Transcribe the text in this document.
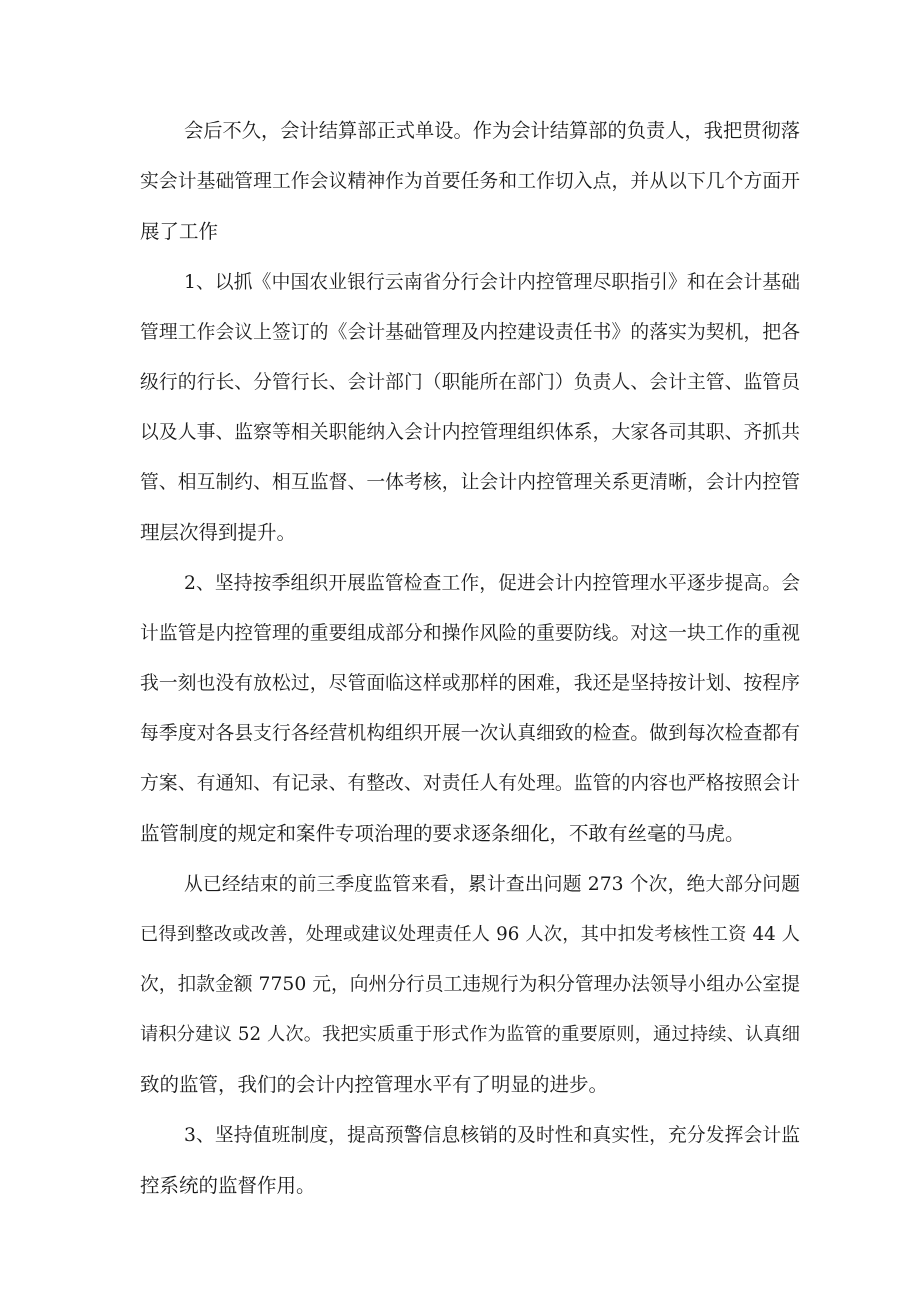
会后不久，会计结算部正式单设。作为会计结算部的负责人，我把贯彻落
实会计基础管理工作会议精神作为首要任务和工作切入点，并从以下几个方面开
展了工作
1、以抓《中国农业银行云南省分行会计内控管理尽职指引》和在会计基础
管理工作会议上签订的《会计基础管理及内控建设责任书》的落实为契机，把各
级行的行长、分管行长、会计部门（职能所在部门）负责人、会计主管、监管员
以及人事、监察等相关职能纳入会计内控管理组织体系，大家各司其职、齐抓共
管、相互制约、相互监督、一体考核，让会计内控管理关系更清晰，会计内控管
理层次得到提升。
2、坚持按季组织开展监管检查工作，促进会计内控管理水平逐步提高。会
计监管是内控管理的重要组成部分和操作风险的重要防线。对这一块工作的重视
我一刻也没有放松过，尽管面临这样或那样的困难，我还是坚持按计划、按程序
每季度对各县支行各经营机构组织开展一次认真细致的检查。做到每次检查都有
方案、有通知、有记录、有整改、对责任人有处理。监管的内容也严格按照会计
监管制度的规定和案件专项治理的要求逐条细化，不敢有丝毫的马虎。
从已经结束的前三季度监管来看，累计查出问题 273 个次，绝大部分问题
已得到整改或改善，处理或建议处理责任人 96 人次，其中扣发考核性工资 44 人
次，扣款金额 7750 元，向州分行员工违规行为积分管理办法领导小组办公室提
请积分建议 52 人次。我把实质重于形式作为监管的重要原则，通过持续、认真细
致的监管，我们的会计内控管理水平有了明显的进步。
3、坚持值班制度，提高预警信息核销的及时性和真实性，充分发挥会计监
控系统的监督作用。
